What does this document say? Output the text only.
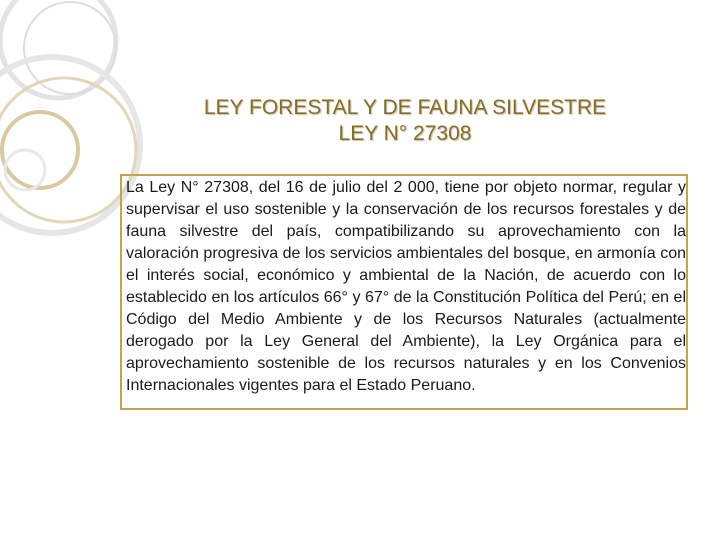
LEY FORESTAL Y DE FAUNA SILVESTRE
LEY N° 27308

La Ley N° 27308, del 16 de julio del 2 000, tiene por objeto normar, regular y supervisar el uso sostenible y la conservación de los recursos forestales y de fauna silvestre del país, compatibilizando su aprovechamiento con la valoración progresiva de los servicios ambientales del bosque, en armonía con el interés social, económico y ambiental de la Nación, de acuerdo con lo establecido en los artículos 66° y 67° de la Constitución Política del Perú; en el Código del Medio Ambiente y de los Recursos Naturales (actualmente derogado por la Ley General del Ambiente), la Ley Orgánica para el aprovechamiento sostenible de los recursos naturales y en los Convenios Internacionales vigentes para el Estado Peruano.
